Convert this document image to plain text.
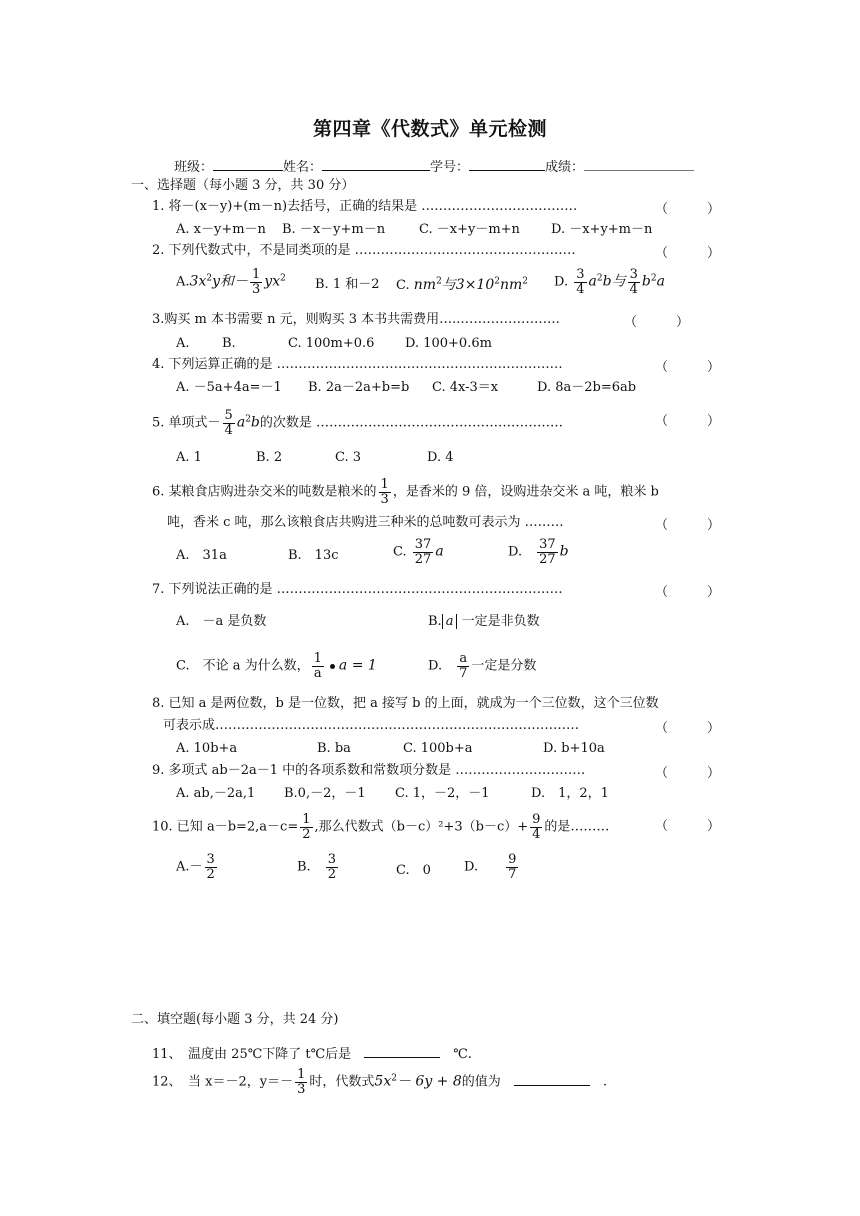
第四章《代数式》单元检测
班级：	姓名：	学号：	成绩：
一、选择题（每小题 3 分，共 30 分）
1. 将－(x－y)+(m－n)去括号，正确的结果是 ………………………………	（　　　）
A. x－y+m－n B. －x－y+m－n	C. －x+y－m+n D. －x+y+m－n
2. 下列代数式中，不是同类项的是 ……………………………………………	（　　　）
$A.3x^2y$和－ $\frac{1}{3} yx^2$ B. 1 和－2 C. $nm^2$与$3\times 10^2nm^2$ D. $\frac{3}{4} a^2b$与 $\frac{3}{4} b^2a$
3.购买 m 本书需要 n 元，则购买 3 本书共需费用…..…………………..	（　　　）
A. B.	C. 100m+0.6 D. 100+0.6m
4. 下列运算正确的是 …………………………………………………………	（　　　）
A. －5a+4a=－1 B. 2a－2a+b=b C. 4x-3＝x	D. 8a－2b=6ab
5. 单项式－ $\frac{5}{4} a^2b$的次数是 …………………………………………………	（　　　）
A. 1	B. 2	C. 3	D. 4
6. 某粮食店购进杂交米的吨数是粮米的 $\frac{1}{3}$ ，是香米的 9 倍，设购进杂交米 a 吨，粮米 b
吨，香米 c 吨，那么该粮食店共购进三种米的总吨数可表示为 ………	（　　　）
A.　31a	B.　13c	C. $\frac{37}{27}$ a	D.　 $\frac{37}{27}$ b
7. 下列说法正确的是 …………………………………………………………	（　　　）
A.　－a 是负数	B. a 一定是非负数
C.　不论 a 为什么数， $\frac{1}{a}$ a = 1	D.　 $\frac{a}{7}$ 一定是分数
8. 已知 a 是两位数，b 是一位数，把 a 接写 b 的上面，就成为一个三位数，这个三位数
可表示成…………………………………………………………………………	（　　　）
A. 10b+a	B. ba	C. 100b+a	D. b+10a
9. 多项式 ab－2a－1 中的各项系数和常数项分数是 …………………………	（　　　）
A. ab,－2a,1 B.0,－2，－1 C. 1，－2，－1	D.　1，2，1
10. 已知 $a-b=2,a-c= \frac{1}{2}$ ,那么代数式$(b-c)^2+3(b-c)+ \frac{9}{4}$ 的是………	（　　　）
$A.- \frac{3}{2}$	B.　 $\frac{3}{2}$	C.　0	D.　　 $\frac{9}{7}$
二、填空题(每小题 3 分，共 24 分)
11、　温度由 25℃下降了 t℃后是　　	℃.
12、　当 x＝－2，$y=- \frac{1}{3}$ 时，代数式$5x^2- 6y + 8$的值为　　	.
